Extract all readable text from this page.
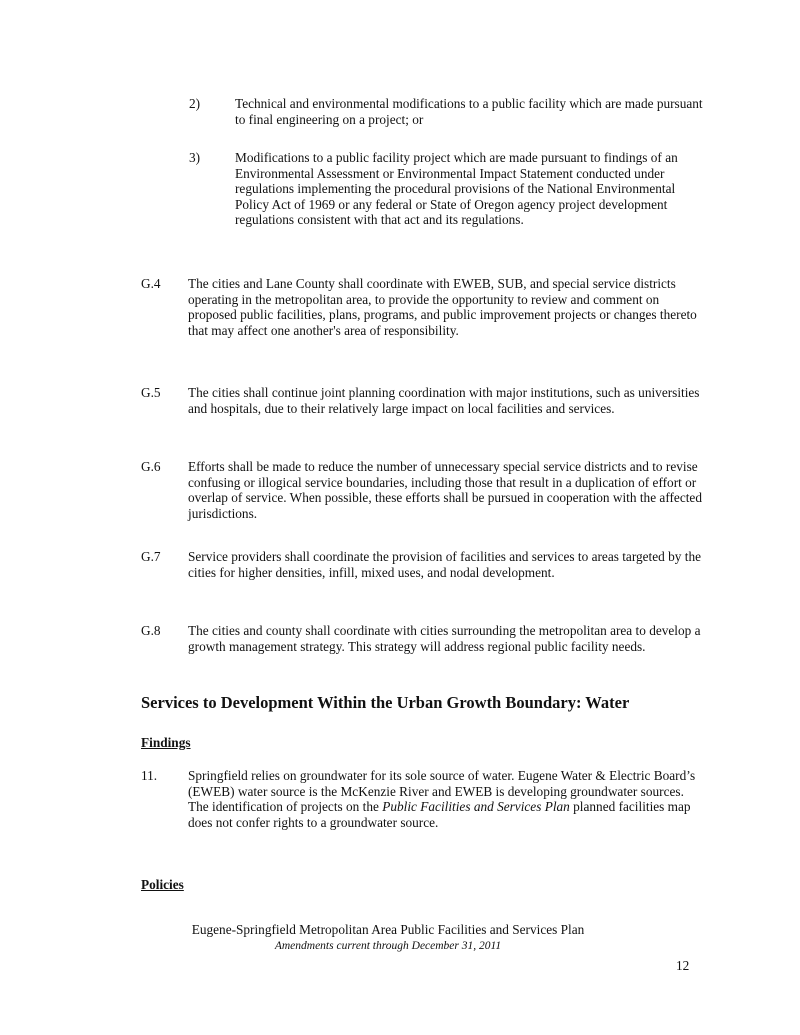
2)	Technical and environmental modifications to a public facility which are made pursuant to final engineering on a project; or

3)	Modifications to a public facility project which are made pursuant to findings of an Environmental Assessment or Environmental Impact Statement conducted under regulations implementing the procedural provisions of the National Environmental Policy Act of 1969 or any federal or State of Oregon agency project development regulations consistent with that act and its regulations.

G.4 The cities and Lane County shall coordinate with EWEB, SUB, and special service districts operating in the metropolitan area, to provide the opportunity to review and comment on proposed public facilities, plans, programs, and public improvement projects or changes thereto that may affect one another's area of responsibility.

G.5 The cities shall continue joint planning coordination with major institutions, such as universities and hospitals, due to their relatively large impact on local facilities and services.

G.6 Efforts shall be made to reduce the number of unnecessary special service districts and to revise confusing or illogical service boundaries, including those that result in a duplication of effort or overlap of service. When possible, these efforts shall be pursued in cooperation with the affected jurisdictions.

G.7 Service providers shall coordinate the provision of facilities and services to areas targeted by the cities for higher densities, infill, mixed uses, and nodal development.

G.8 The cities and county shall coordinate with cities surrounding the metropolitan area to develop a growth management strategy. This strategy will address regional public facility needs.

Services to Development Within the Urban Growth Boundary: Water
Findings
11. Springfield relies on groundwater for its sole source of water. Eugene Water & Electric Board’s (EWEB) water source is the McKenzie River and EWEB is developing groundwater sources. The identification of projects on the Public Facilities and Services Plan planned facilities map does not confer rights to a groundwater source.

Policies
Eugene-Springfield Metropolitan Area Public Facilities and Services Plan
Amendments current through December 31, 2011
12
